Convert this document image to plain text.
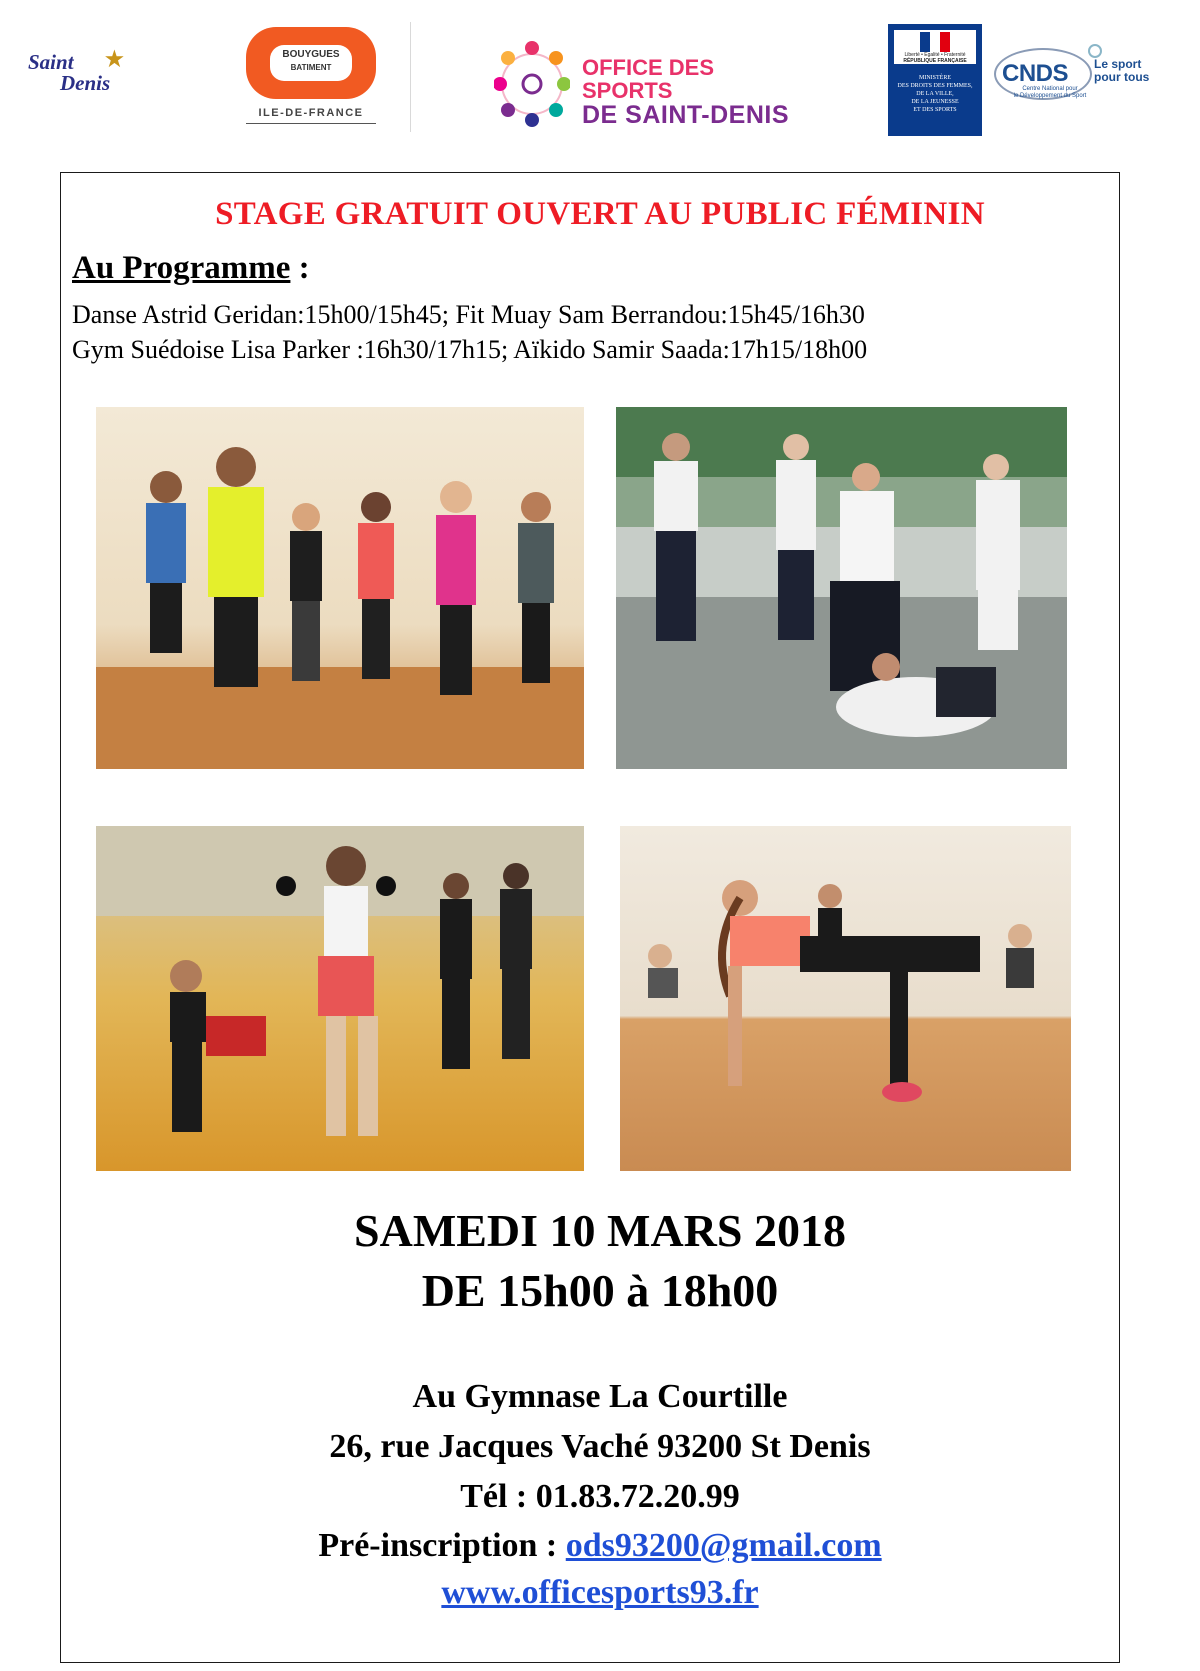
Saint ★
Denis
BOUYGUES
BATIMENT
ILE-DE-FRANCE
OFFICE DES SPORTS
DE SAINT-DENIS
Liberté • Égalité • Fraternité
RÉPUBLIQUE FRANÇAISE
MINISTÈRE
DES DROITS DES FEMMES,
DE LA VILLE,
DE LA JEUNESSE
ET DES SPORTS
CNDS
Centre National pour
le Développement du Sport
Le sport
pour tous
STAGE GRATUIT OUVERT AU PUBLIC FÉMININ
Au Programme :
Danse Astrid Geridan:15h00/15h45; Fit Muay Sam Berrandou:15h45/16h30
Gym Suédoise Lisa Parker :16h30/17h15; Aïkido Samir Saada:17h15/18h00
SAMEDI 10 MARS 2018
DE 15h00 à 18h00
Au Gymnase La Courtille
26, rue Jacques Vaché 93200 St Denis
Tél : 01.83.72.20.99
Pré-inscription : ods93200@gmail.com
www.officesports93.fr
